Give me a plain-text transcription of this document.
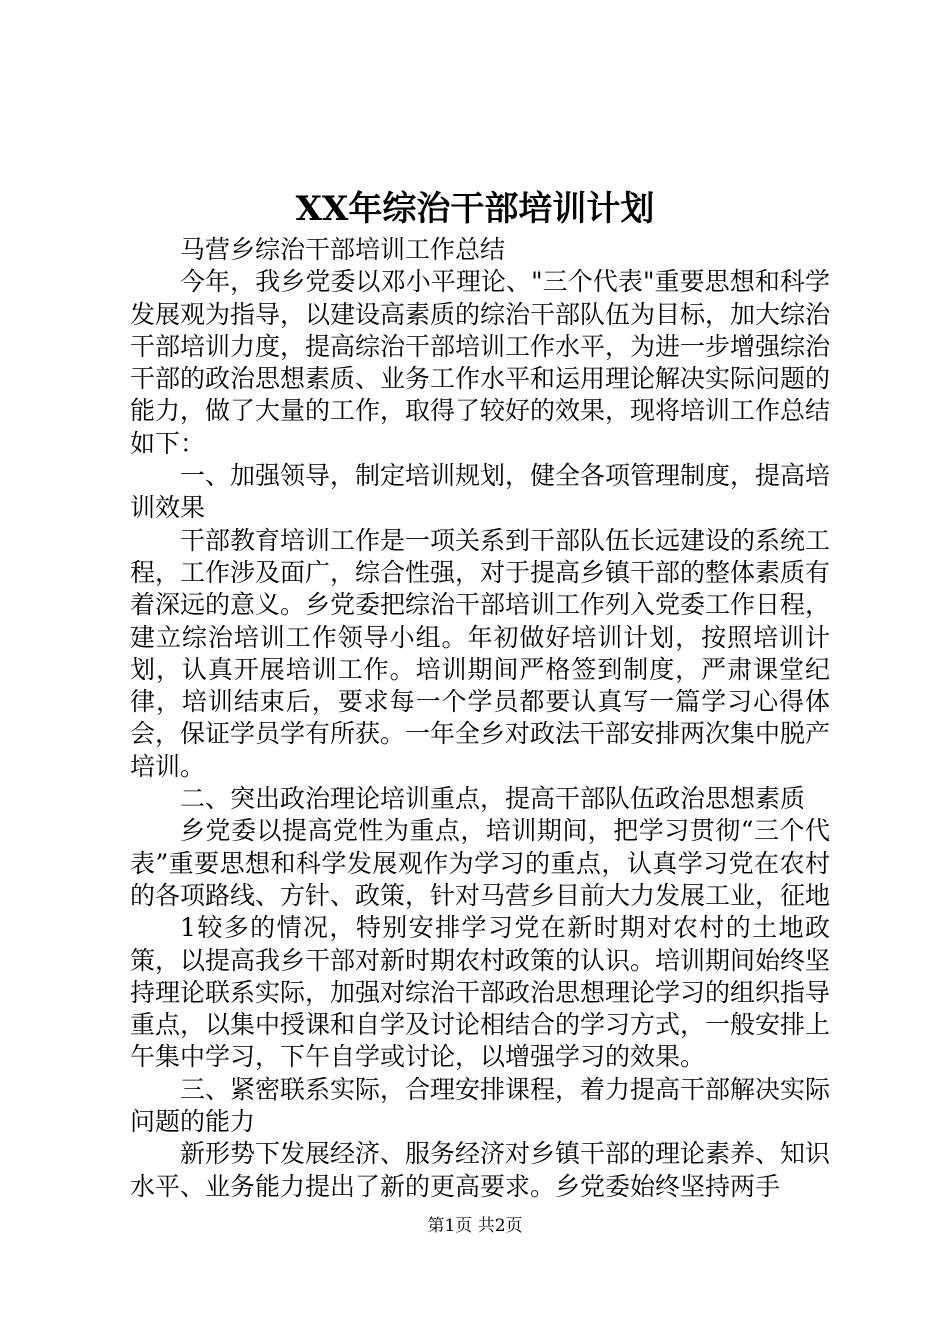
XX年综治干部培训计划

马营乡综治干部培训工作总结

今年，我乡党委以邓小平理论、"三个代表"重要思想和科学发展观为指导，以建设高素质的综治干部队伍为目标，加大综治干部培训力度，提高综治干部培训工作水平，为进一步增强综治干部的政治思想素质、业务工作水平和运用理论解决实际问题的能力，做了大量的工作，取得了较好的效果，现将培训工作总结如下：

一、加强领导，制定培训规划，健全各项管理制度，提高培训效果

干部教育培训工作是一项关系到干部队伍长远建设的系统工程，工作涉及面广，综合性强，对于提高乡镇干部的整体素质有着深远的意义。乡党委把综治干部培训工作列入党委工作日程，建立综治培训工作领导小组。年初做好培训计划，按照培训计划，认真开展培训工作。培训期间严格签到制度，严肃课堂纪律，培训结束后，要求每一个学员都要认真写一篇学习心得体会，保证学员学有所获。一年全乡对政法干部安排两次集中脱产培训。

二、突出政治理论培训重点，提高干部队伍政治思想素质

乡党委以提高党性为重点，培训期间，把学习贯彻“三个代表”重要思想和科学发展观作为学习的重点，认真学习党在农村的各项路线、方针、政策，针对马营乡目前大力发展工业，征地

1较多的情况，特别安排学习党在新时期对农村的土地政策，以提高我乡干部对新时期农村政策的认识。培训期间始终坚持理论联系实际，加强对综治干部政治思想理论学习的组织指导重点，以集中授课和自学及讨论相结合的学习方式，一般安排上午集中学习，下午自学或讨论，以增强学习的效果。

三、紧密联系实际，合理安排课程，着力提高干部解决实际问题的能力

新形势下发展经济、服务经济对乡镇干部的理论素养、知识水平、业务能力提出了新的更高要求。乡党委始终坚持两手

第1页 共2页
